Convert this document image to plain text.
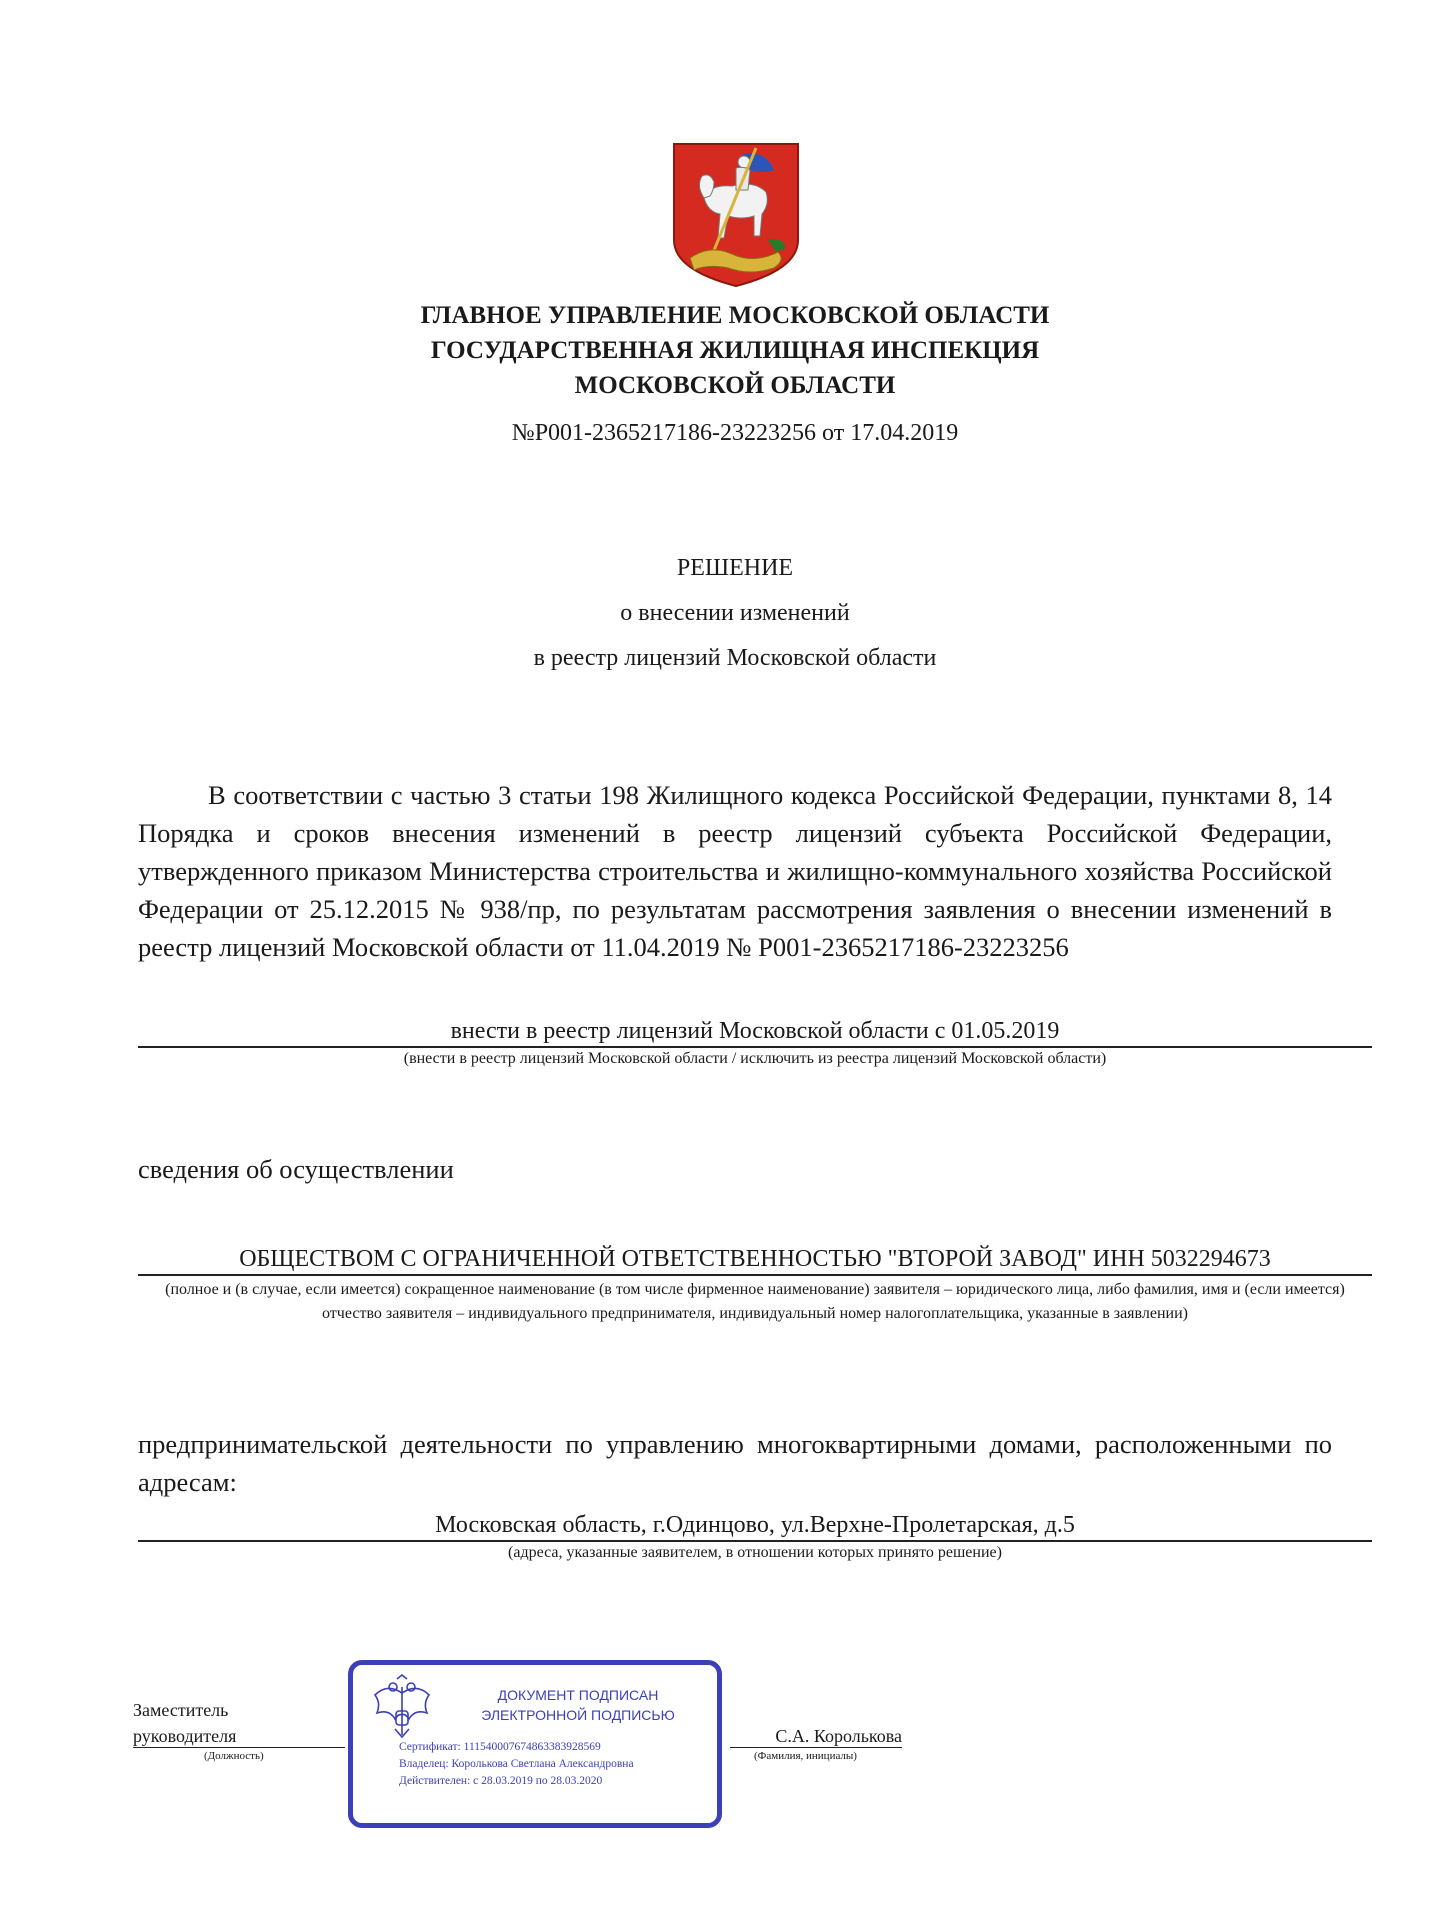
ГЛАВНОЕ УПРАВЛЕНИЕ МОСКОВСКОЙ ОБЛАСТИ
ГОСУДАРСТВЕННАЯ ЖИЛИЩНАЯ ИНСПЕКЦИЯ
МОСКОВСКОЙ ОБЛАСТИ
№Р001-2365217186-23223256 от 17.04.2019
РЕШЕНИЕ
о внесении изменений
в реестр лицензий Московской области
В соответствии с частью 3 статьи 198 Жилищного кодекса Российской Федерации, пунктами 8, 14 Порядка и сроков внесения изменений в реестр лицензий субъекта Российской Федерации, утвержденного приказом Министерства строительства и жилищно-коммунального хозяйства Российской Федерации от 25.12.2015 № 938/пр, по результатам рассмотрения заявления о внесении изменений в реестр лицензий Московской области от 11.04.2019 № Р001-2365217186-23223256
внести в реестр лицензий Московской области с 01.05.2019
(внести в реестр лицензий Московской области / исключить из реестра лицензий Московской области)
сведения об осуществлении
ОБЩЕСТВОМ С ОГРАНИЧЕННОЙ ОТВЕТСТВЕННОСТЬЮ "ВТОРОЙ ЗАВОД" ИНН 5032294673
(полное и (в случае, если имеется) сокращенное наименование (в том числе фирменное наименование) заявителя – юридического лица, либо фамилия, имя и (если имеется) отчество заявителя – индивидуального предпринимателя, индивидуальный номер налогоплательщика, указанные в заявлении)
предпринимательской деятельности по управлению многоквартирными домами, расположенными по адресам:
Московская область, г.Одинцово, ул.Верхне-Пролетарская, д.5
(адреса, указанные заявителем, в отношении которых принято решение)
Заместитель
руководителя
(Должность)
С.А. Королькова
(Фамилия, инициалы)
ДОКУМЕНТ ПОДПИСАН
ЭЛЕКТРОННОЙ ПОДПИСЬЮ
Сертификат: 11154000767486338392856​9
Владелец: Королькова Светлана Александровна
Действителен: с 28.03.2019 по 28.03.2020
